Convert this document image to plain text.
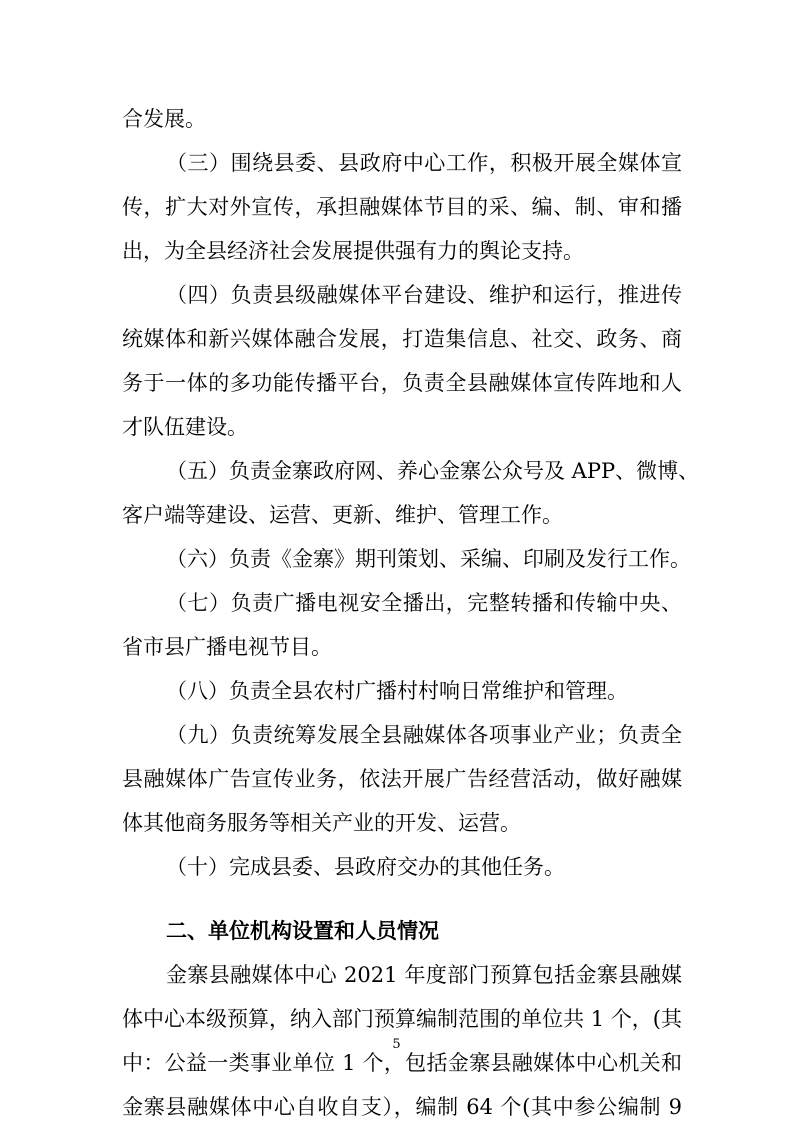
合发展。
（三）围绕县委、县政府中心工作，积极开展全媒体宣
传，扩大对外宣传，承担融媒体节目的采、编、制、审和播
出，为全县经济社会发展提供强有力的舆论支持。
（四）负责县级融媒体平台建设、维护和运行，推进传
统媒体和新兴媒体融合发展，打造集信息、社交、政务、商
务于一体的多功能传播平台，负责全县融媒体宣传阵地和人
才队伍建设。
（五）负责金寨政府网、养心金寨公众号及 APP、微博、
客户端等建设、运营、更新、维护、管理工作。
（六）负责《金寨》期刊策划、采编、印刷及发行工作。
（七）负责广播电视安全播出，完整转播和传输中央、
省市县广播电视节目。
（八）负责全县农村广播村村响日常维护和管理。
（九）负责统筹发展全县融媒体各项事业产业；负责全
县融媒体广告宣传业务，依法开展广告经营活动，做好融媒
体其他商务服务等相关产业的开发、运营。
（十）完成县委、县政府交办的其他任务。
二、单位机构设置和人员情况
金寨县融媒体中心 2021 年度部门预算包括金寨县融媒
体中心本级预算，纳入部门预算编制范围的单位共 1 个，(其
中：公益一类事业单位 1 个，包括金寨县融媒体中心机关和
金寨县融媒体中心自收自支），编制 64 个(其中参公编制 9
5
